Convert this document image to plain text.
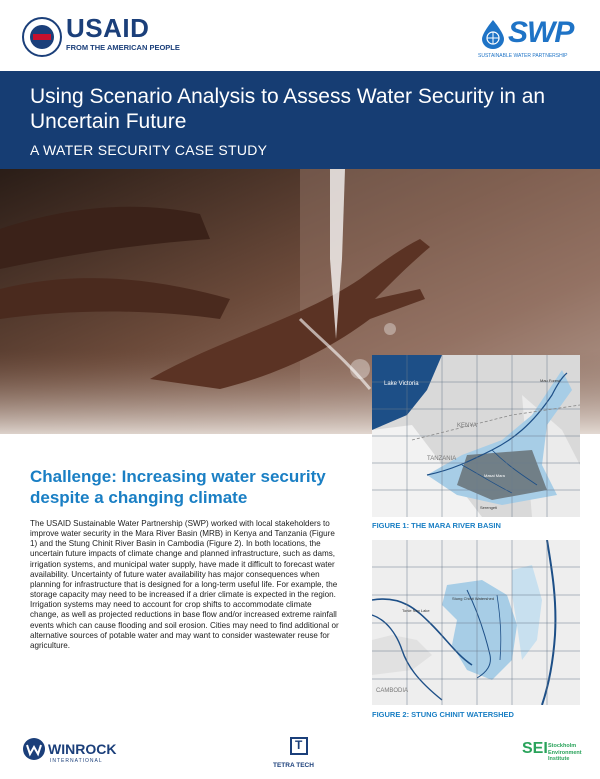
USAID
FROM THE AMERICAN PEOPLE	SWP
SUSTAINABLE WATER PARTNERSHIP
Using Scenario Analysis to Assess Water Security in an Uncertain Future
A WATER SECURITY CASE STUDY
Lake Victoria
KENYA
TANZANIA
Mau Forest
Masai Mara
Serengeti
FIGURE 1: THE MARA RIVER BASIN
Tonle Sap Lake
Stung Chinit Watershed
CAMBODIA
FIGURE 2: STUNG CHINIT WATERSHED
Challenge: Increasing water security despite a changing climate
The USAID Sustainable Water Partnership (SWP) worked with local stakeholders to improve water security in the Mara River Basin (MRB) in Kenya and Tanzania (Figure 1) and the Stung Chinit River Basin in Cambodia (Figure 2). In both locations, the uncertain future impacts of climate change and planned infrastructure, such as dams, irrigation systems, and municipal water supply, have made it difficult to forecast water availability. Uncertainty of future water availability has major consequences when planning for infrastructure that is designed for a long-term useful life. For example, the storage capacity may need to be increased if a drier climate is expected in the region. Irrigation systems may need to account for crop shifts to accommodate climate change, as well as projected reductions in base flow and/or increased extreme rainfall events which can cause flooding and soil erosion. Cities may need to find additional or alternative sources of potable water and may want to consider wastewater reuse for agriculture.
WINROCK
INTERNATIONAL
T
TETRA TECH
SEI Stockholm Environment Institute
